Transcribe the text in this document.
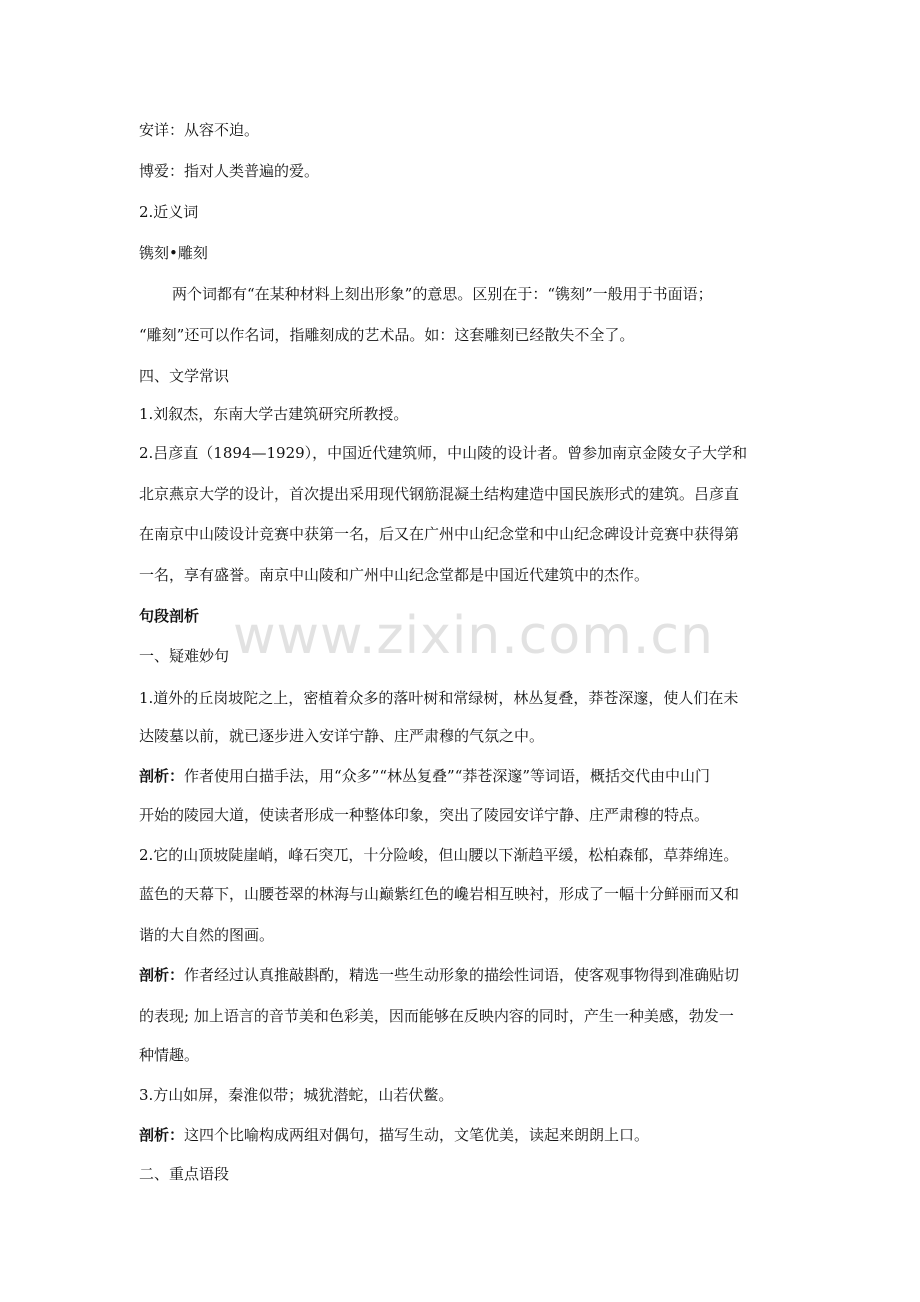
www.zixin.com.cn
安详：从容不迫。
博爱：指对人类普遍的爱。
2.近义词
镌刻•雕刻
两个词都有“在某种材料上刻出形象”的意思。区别在于：“镌刻”一般用于书面语；
“雕刻”还可以作名词，指雕刻成的艺术品。如：这套雕刻已经散失不全了。
四、文学常识
1.刘叙杰，东南大学古建筑研究所教授。
2.吕彦直（1894—1929），中国近代建筑师，中山陵的设计者。曾参加南京金陵女子大学和
北京燕京大学的设计，首次提出采用现代钢筋混凝土结构建造中国民族形式的建筑。吕彦直
在南京中山陵设计竞赛中获第一名，后又在广州中山纪念堂和中山纪念碑设计竞赛中获得第
一名，享有盛誉。南京中山陵和广州中山纪念堂都是中国近代建筑中的杰作。
句段剖析
一、疑难妙句
1.道外的丘岗坡陀之上，密植着众多的落叶树和常绿树，林丛复叠，莽苍深邃，使人们在未
达陵墓以前，就已逐步进入安详宁静、庄严肃穆的气氛之中。
剖析：作者使用白描手法，用“众多”“林丛复叠”“莽苍深邃”等词语，概括交代由中山门
开始的陵园大道，使读者形成一种整体印象，突出了陵园安详宁静、庄严肃穆的特点。
2.它的山顶坡陡崖峭，峰石突兀，十分险峻，但山腰以下渐趋平缓，松柏森郁，草莽绵连。
蓝色的天幕下，山腰苍翠的林海与山巅紫红色的巉岩相互映衬，形成了一幅十分鲜丽而又和
谐的大自然的图画。
剖析：作者经过认真推敲斟酌，精选一些生动形象的描绘性词语，使客观事物得到准确贴切
的表现; 加上语言的音节美和色彩美，因而能够在反映内容的同时，产生一种美感，勃发一
种情趣。
3.方山如屏，秦淮似带；城犹潜蛇，山若伏鳖。
剖析：这四个比喻构成两组对偶句，描写生动，文笔优美，读起来朗朗上口。
二、重点语段
